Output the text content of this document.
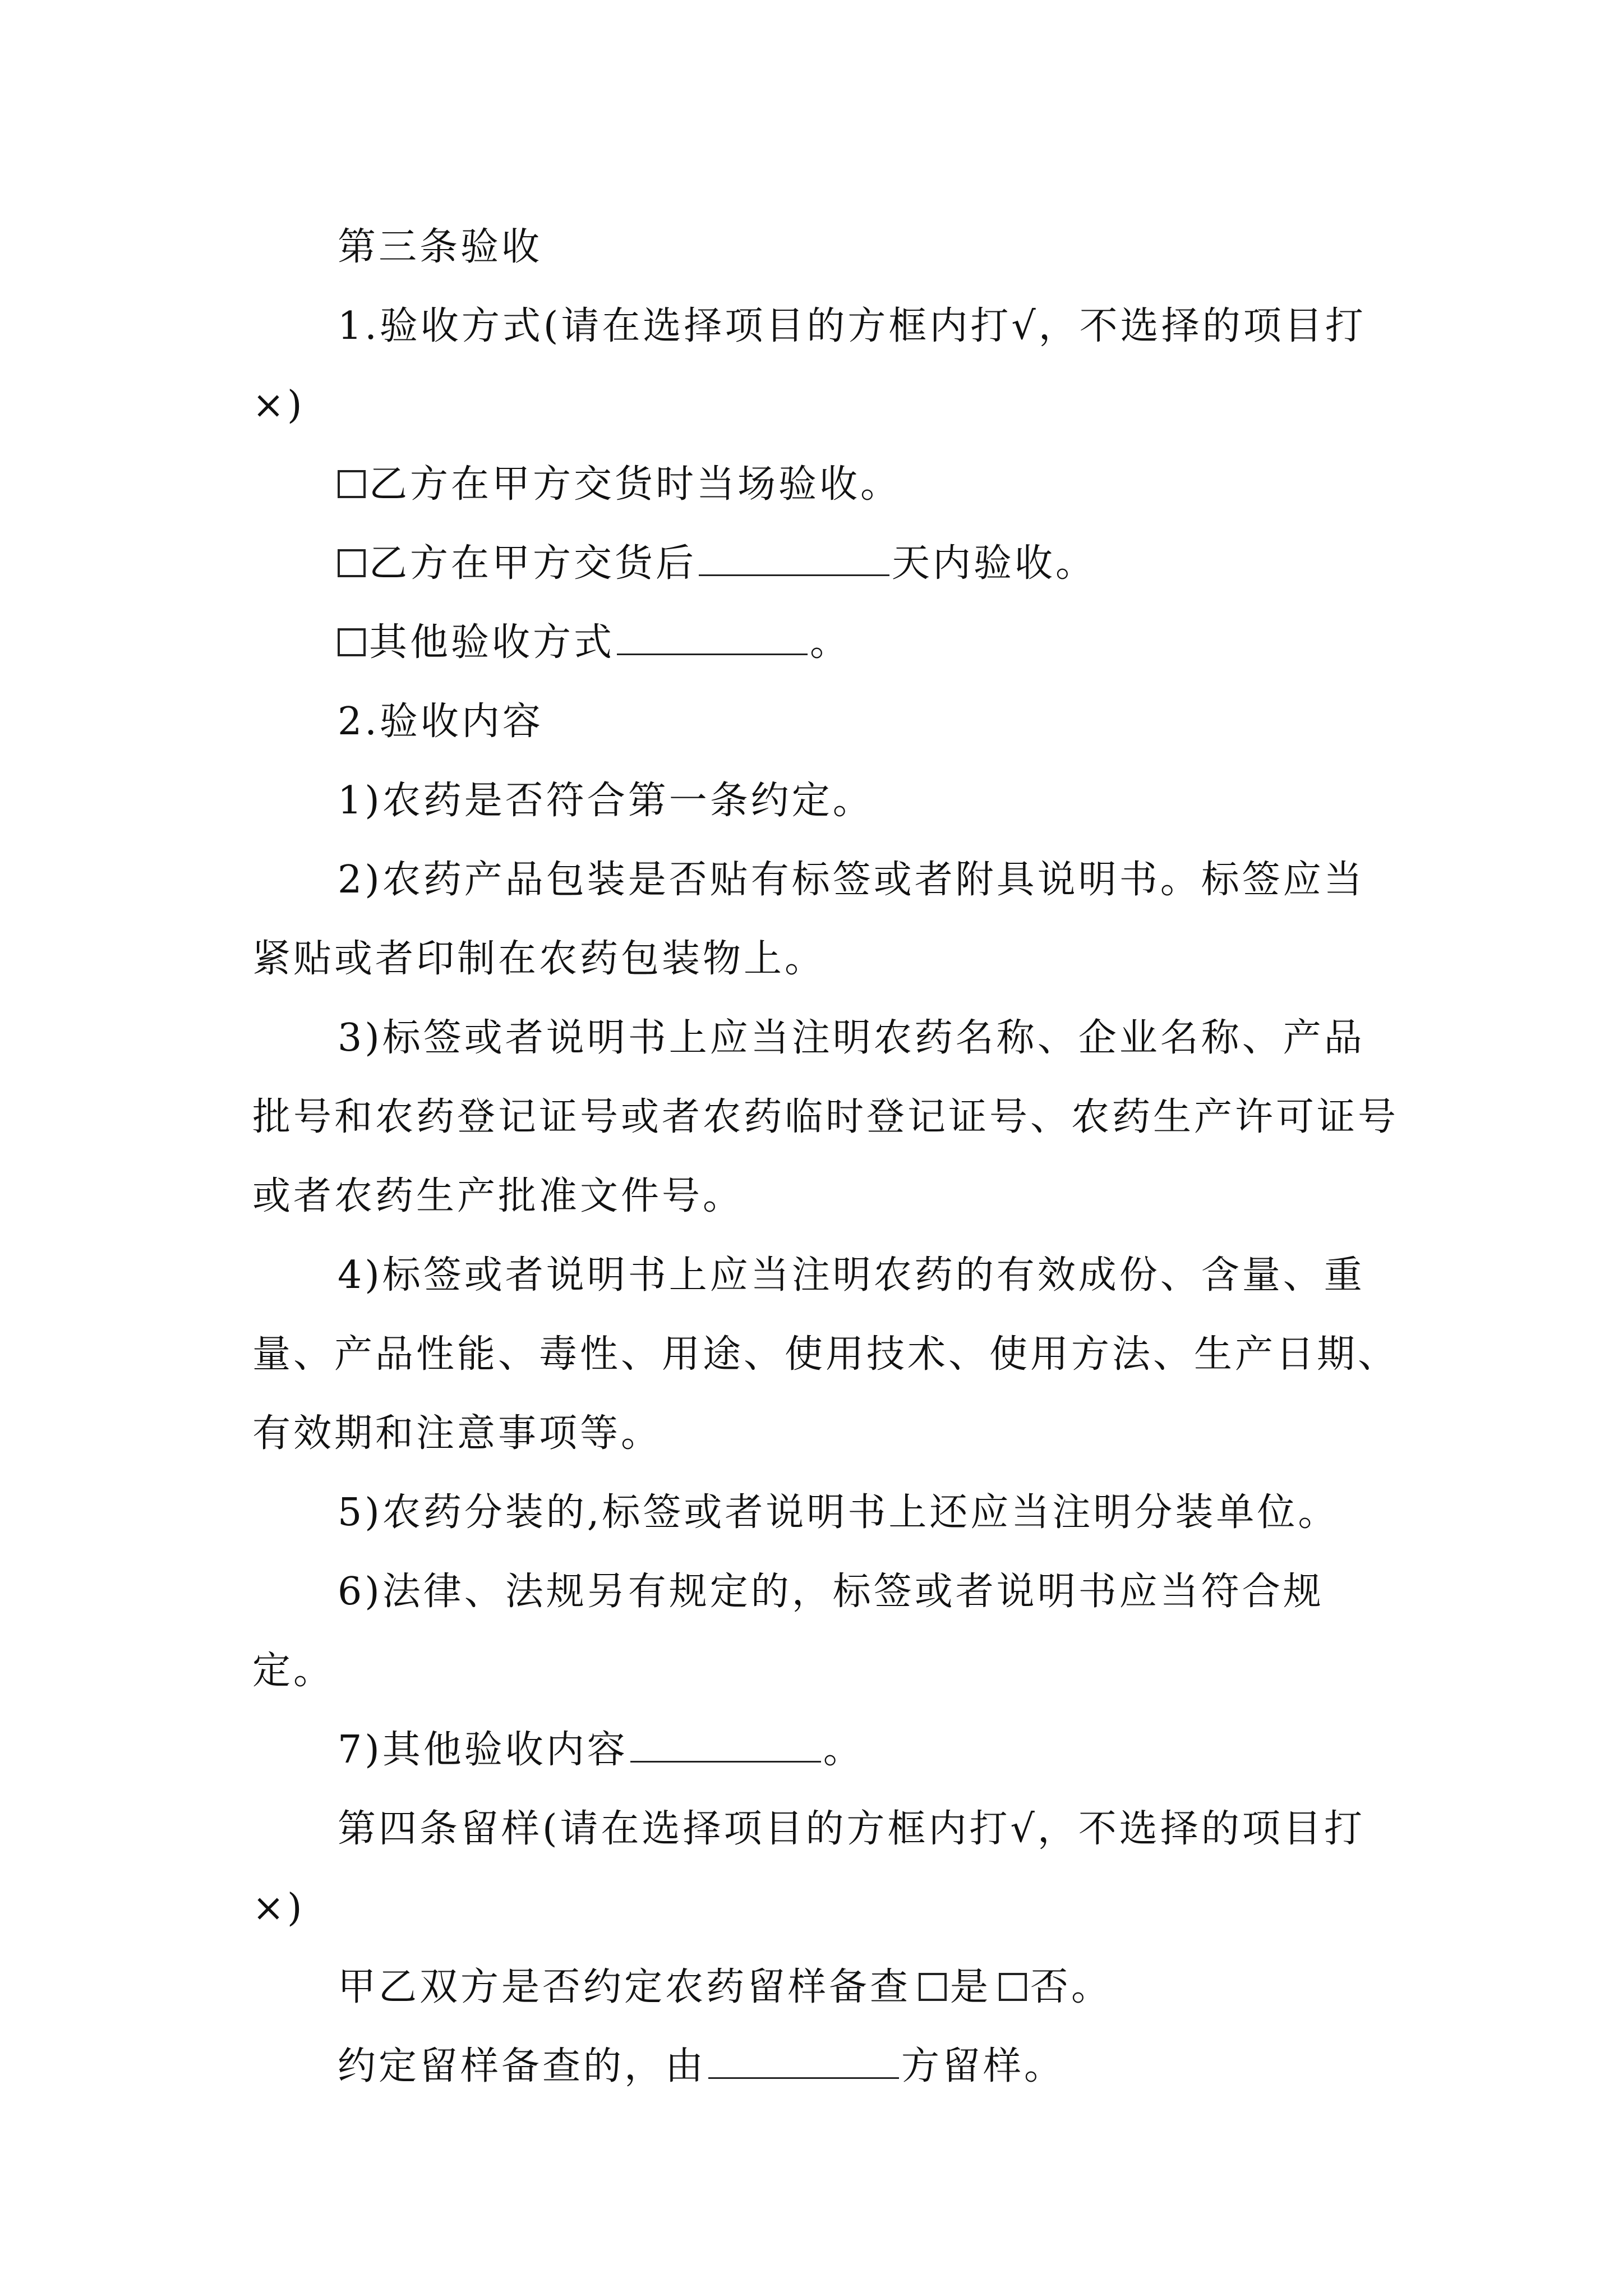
第三条验收

1.验收方式(请在选择项目的方框内打√，不选择的项目打×)

乙方在甲方交货时当场验收。

乙方在甲方交货后	天内验收。

其他验收方式	。

2.验收内容

1)农药是否符合第一条约定。

2)农药产品包装是否贴有标签或者附具说明书。标签应当紧贴或者印制在农药包装物上。

3)标签或者说明书上应当注明农药名称、企业名称、产品批号和农药登记证号或者农药临时登记证号、农药生产许可证号或者农药生产批准文件号。

4)标签或者说明书上应当注明农药的有效成份、含量、重量、产品性能、毒性、用途、使用技术、使用方法、生产日期、有效期和注意事项等。

5)农药分装的,标签或者说明书上还应当注明分装单位。

6)法律、法规另有规定的，标签或者说明书应当符合规定。

7)其他验收内容	。

第四条留样(请在选择项目的方框内打√，不选择的项目打×)

甲乙双方是否约定农药留样备查 是 否。

约定留样备查的，由	方留样。
